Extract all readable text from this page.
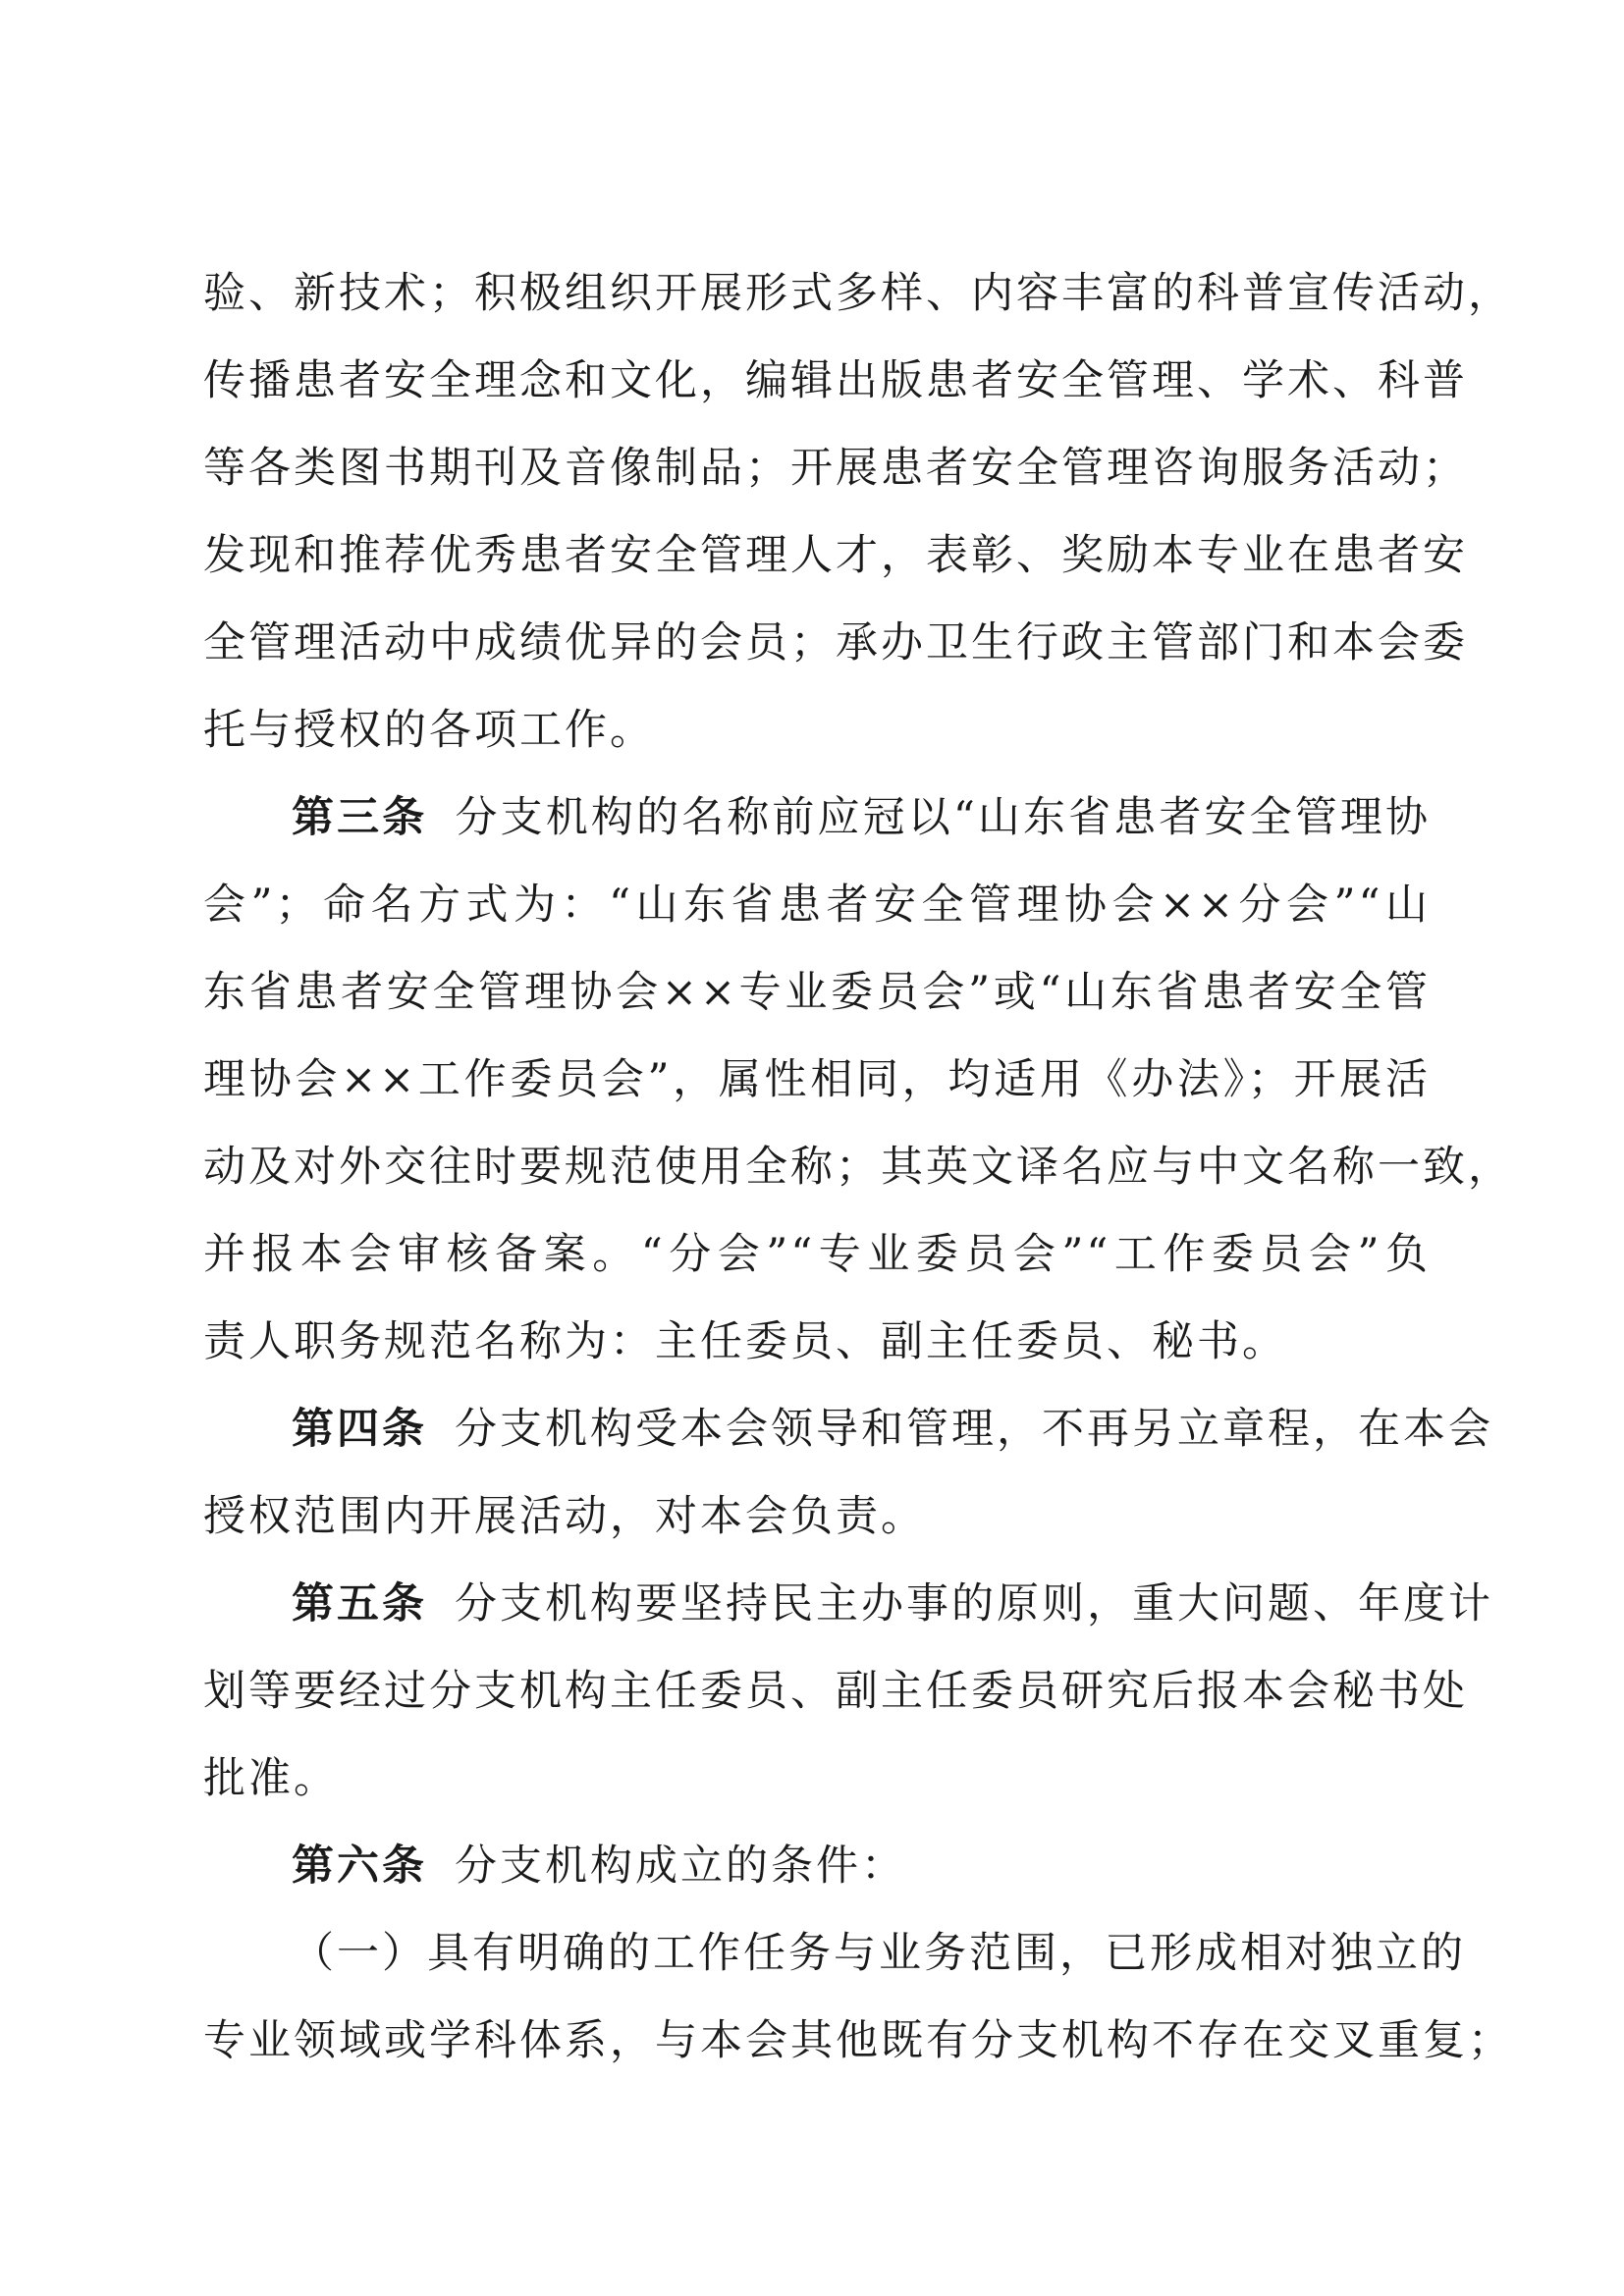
验、新技术；积极组织开展形式多样、内容丰富的科普宣传活动，
传播患者安全理念和文化，编辑出版患者安全管理、学术、科普
等各类图书期刊及音像制品；开展患者安全管理咨询服务活动；
发现和推荐优秀患者安全管理人才，表彰、奖励本专业在患者安
全管理活动中成绩优异的会员；承办卫生行政主管部门和本会委
托与授权的各项工作。
第三条 分支机构的名称前应冠以“山东省患者安全管理协
会”；命名方式为：“山东省患者安全管理协会××分会”“山
东省患者安全管理协会××专业委员会”或“山东省患者安全管
理协会××工作委员会”，属性相同，均适用《办法》；开展活
动及对外交往时要规范使用全称；其英文译名应与中文名称一致，
并报本会审核备案。“分会”“专业委员会”“工作委员会”负
责人职务规范名称为：主任委员、副主任委员、秘书。
第四条 分支机构受本会领导和管理，不再另立章程，在本会
授权范围内开展活动，对本会负责。
第五条 分支机构要坚持民主办事的原则，重大问题、年度计
划等要经过分支机构主任委员、副主任委员研究后报本会秘书处
批准。
第六条 分支机构成立的条件：
（一）具有明确的工作任务与业务范围，已形成相对独立的
专业领域或学科体系，与本会其他既有分支机构不存在交叉重复；
